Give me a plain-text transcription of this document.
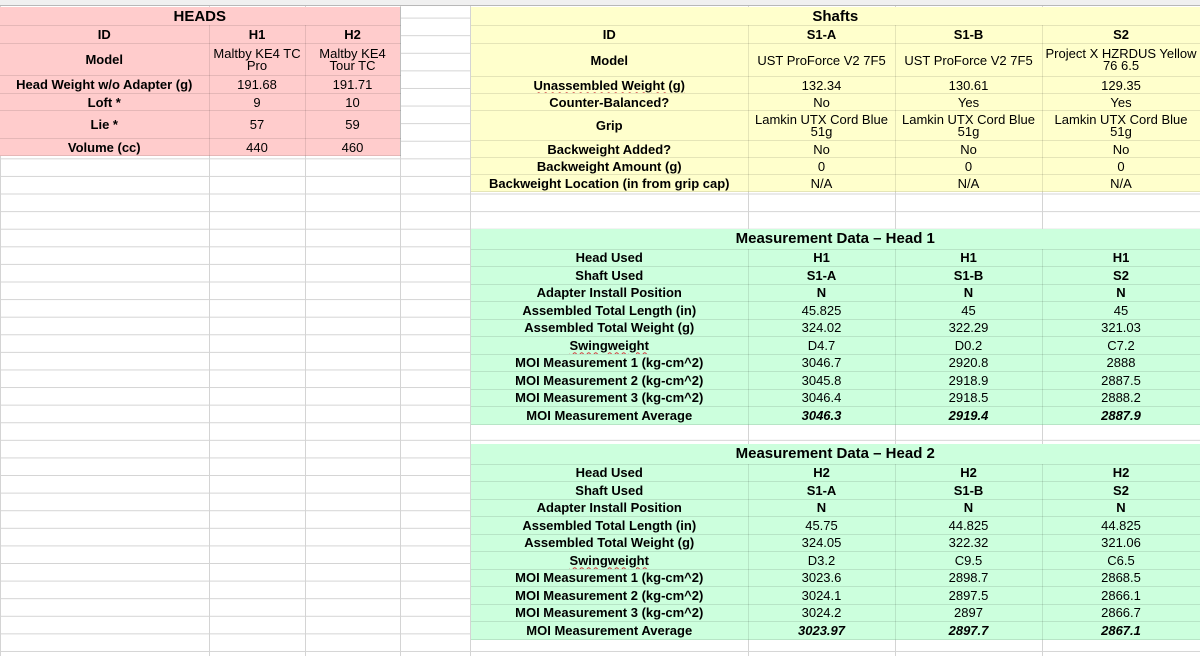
HEADS		
ID	H1	H2
Model	Maltby KE4 TC Pro	Maltby KE4 Tour TC
Head Weight w/o Adapter (g)	191.68	191.71
Loft *	9	10
Lie *	57	59
Volume (cc)	440	460
Shafts			
ID	S1-A	S1-B	S2
Model	UST ProForce V2 7F5	UST ProForce V2 7F5	Project X HZRDUS Yellow 76 6.5
Unassembled Weight (g)	132.34	130.61	129.35
Counter-Balanced?	No	Yes	Yes
Grip	Lamkin UTX Cord Blue 51g	Lamkin UTX Cord Blue 51g	Lamkin UTX Cord Blue 51g
Backweight Added?	No	No	No
Backweight Amount (g)	0	0	0
Backweight Location (in from grip cap)	N/A	N/A	N/A
Measurement Data – Head 1			
Head Used	H1	H1	H1
Shaft Used	S1-A	S1-B	S2
Adapter Install Position	N	N	N
Assembled Total Length (in)	45.825	45	45
Assembled Total Weight (g)	324.02	322.29	321.03
Swingweight	D4.7	D0.2	C7.2
MOI Measurement 1 (kg-cm^2)	3046.7	2920.8	2888
MOI Measurement 2 (kg-cm^2)	3045.8	2918.9	2887.5
MOI Measurement 3 (kg-cm^2)	3046.4	2918.5	2888.2
MOI Measurement Average	3046.3	2919.4	2887.9
Measurement Data – Head 2			
Head Used	H2	H2	H2
Shaft Used	S1-A	S1-B	S2
Adapter Install Position	N	N	N
Assembled Total Length (in)	45.75	44.825	44.825
Assembled Total Weight (g)	324.05	322.32	321.06
Swingweight	D3.2	C9.5	C6.5
MOI Measurement 1 (kg-cm^2)	3023.6	2898.7	2868.5
MOI Measurement 2 (kg-cm^2)	3024.1	2897.5	2866.1
MOI Measurement 3 (kg-cm^2)	3024.2	2897	2866.7
MOI Measurement Average	3023.97	2897.7	2867.1
